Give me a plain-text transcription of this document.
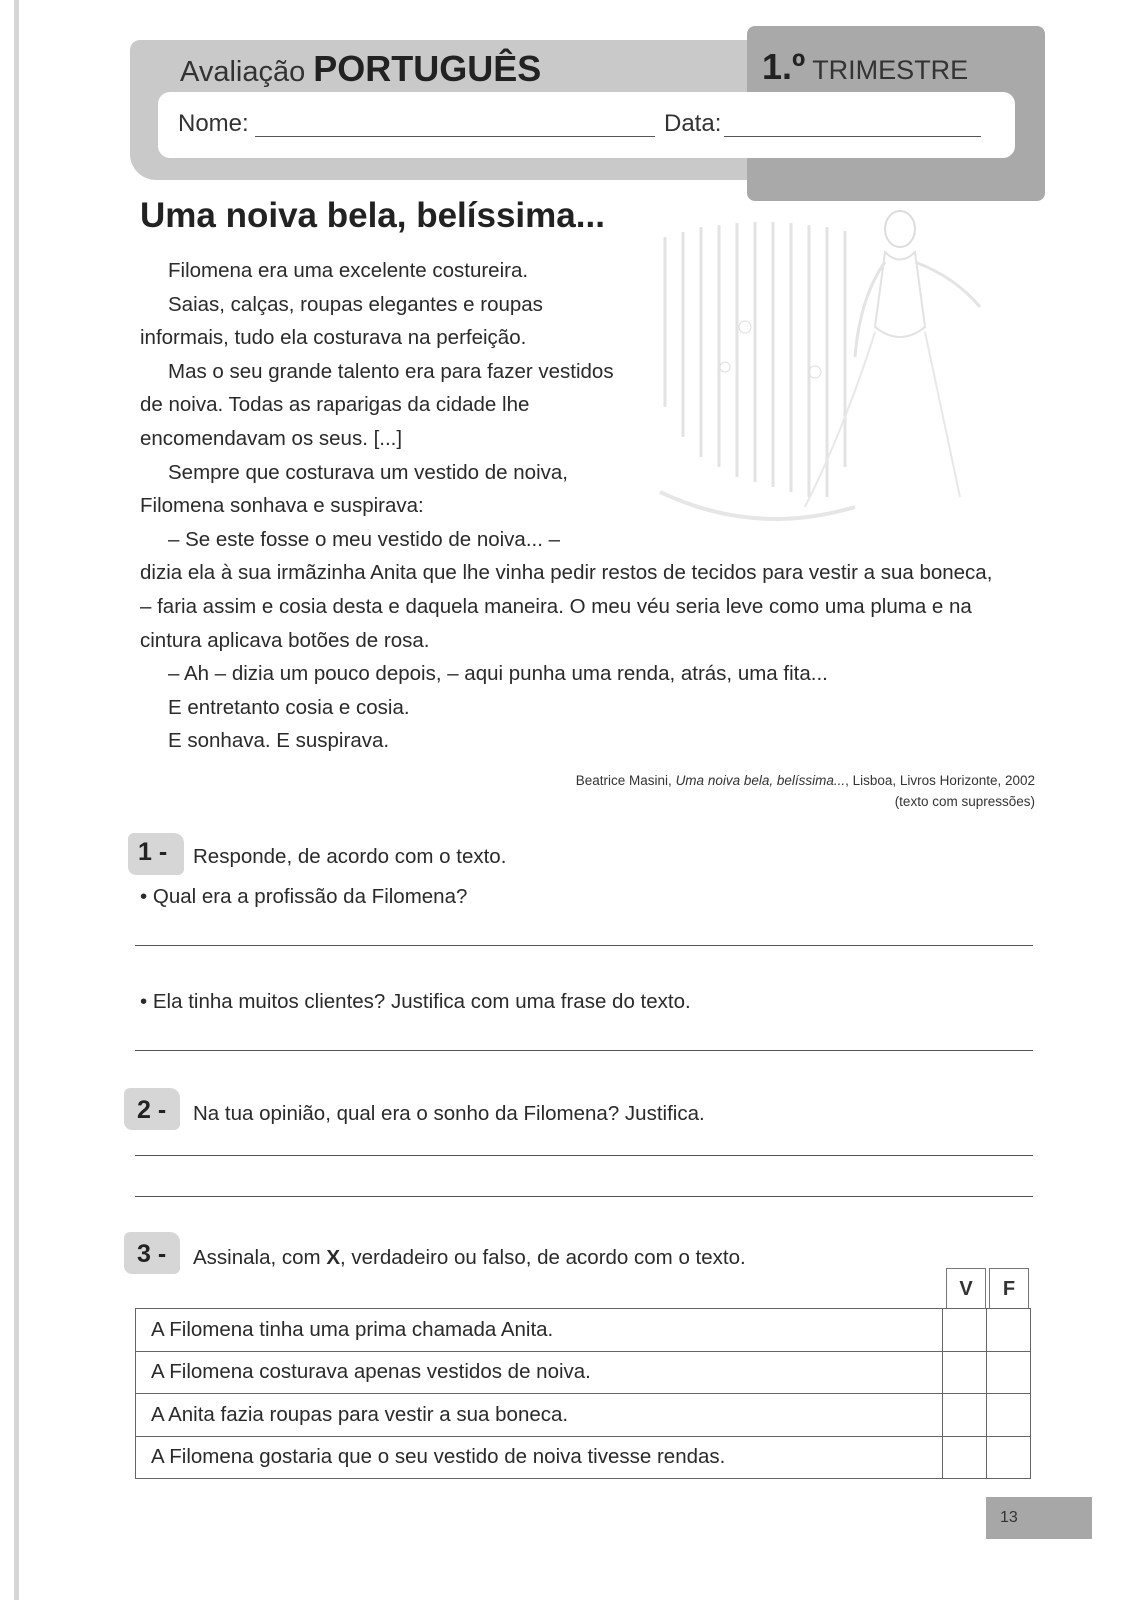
Avaliação PORTUGUÊS	1.º TRIMESTRE
Nome:	Data:
Uma noiva bela, belíssima...
Filomena era uma excelente costureira.
Saias, calças, roupas elegantes e roupas
informais, tudo ela costurava na perfeição.
Mas o seu grande talento era para fazer vestidos
de noiva. Todas as raparigas da cidade lhe
encomendavam os seus. [...]
Sempre que costurava um vestido de noiva,
Filomena sonhava e suspirava:
– Se este fosse o meu vestido de noiva... –
dizia ela à sua irmãzinha Anita que lhe vinha pedir restos de tecidos para vestir a sua boneca,
– faria assim e cosia desta e daquela maneira. O meu véu seria leve como uma pluma e na
cintura aplicava botões de rosa.
– Ah – dizia um pouco depois, – aqui punha uma renda, atrás, uma fita...
E entretanto cosia e cosia.
E sonhava. E suspirava.
Beatrice Masini, Uma noiva bela, belíssima..., Lisboa, Livros Horizonte, 2002
(texto com supressões)
1 - Responde, de acordo com o texto.
• Qual era a profissão da Filomena?
• Ela tinha muitos clientes? Justifica com uma frase do texto.
2 - Na tua opinião, qual era o sonho da Filomena? Justifica.
3 - Assinala, com X, verdadeiro ou falso, de acordo com o texto.
V	F
A Filomena tinha uma prima chamada Anita.		
A Filomena costurava apenas vestidos de noiva.		
A Anita fazia roupas para vestir a sua boneca.		
A Filomena gostaria que o seu vestido de noiva tivesse rendas.		
13
